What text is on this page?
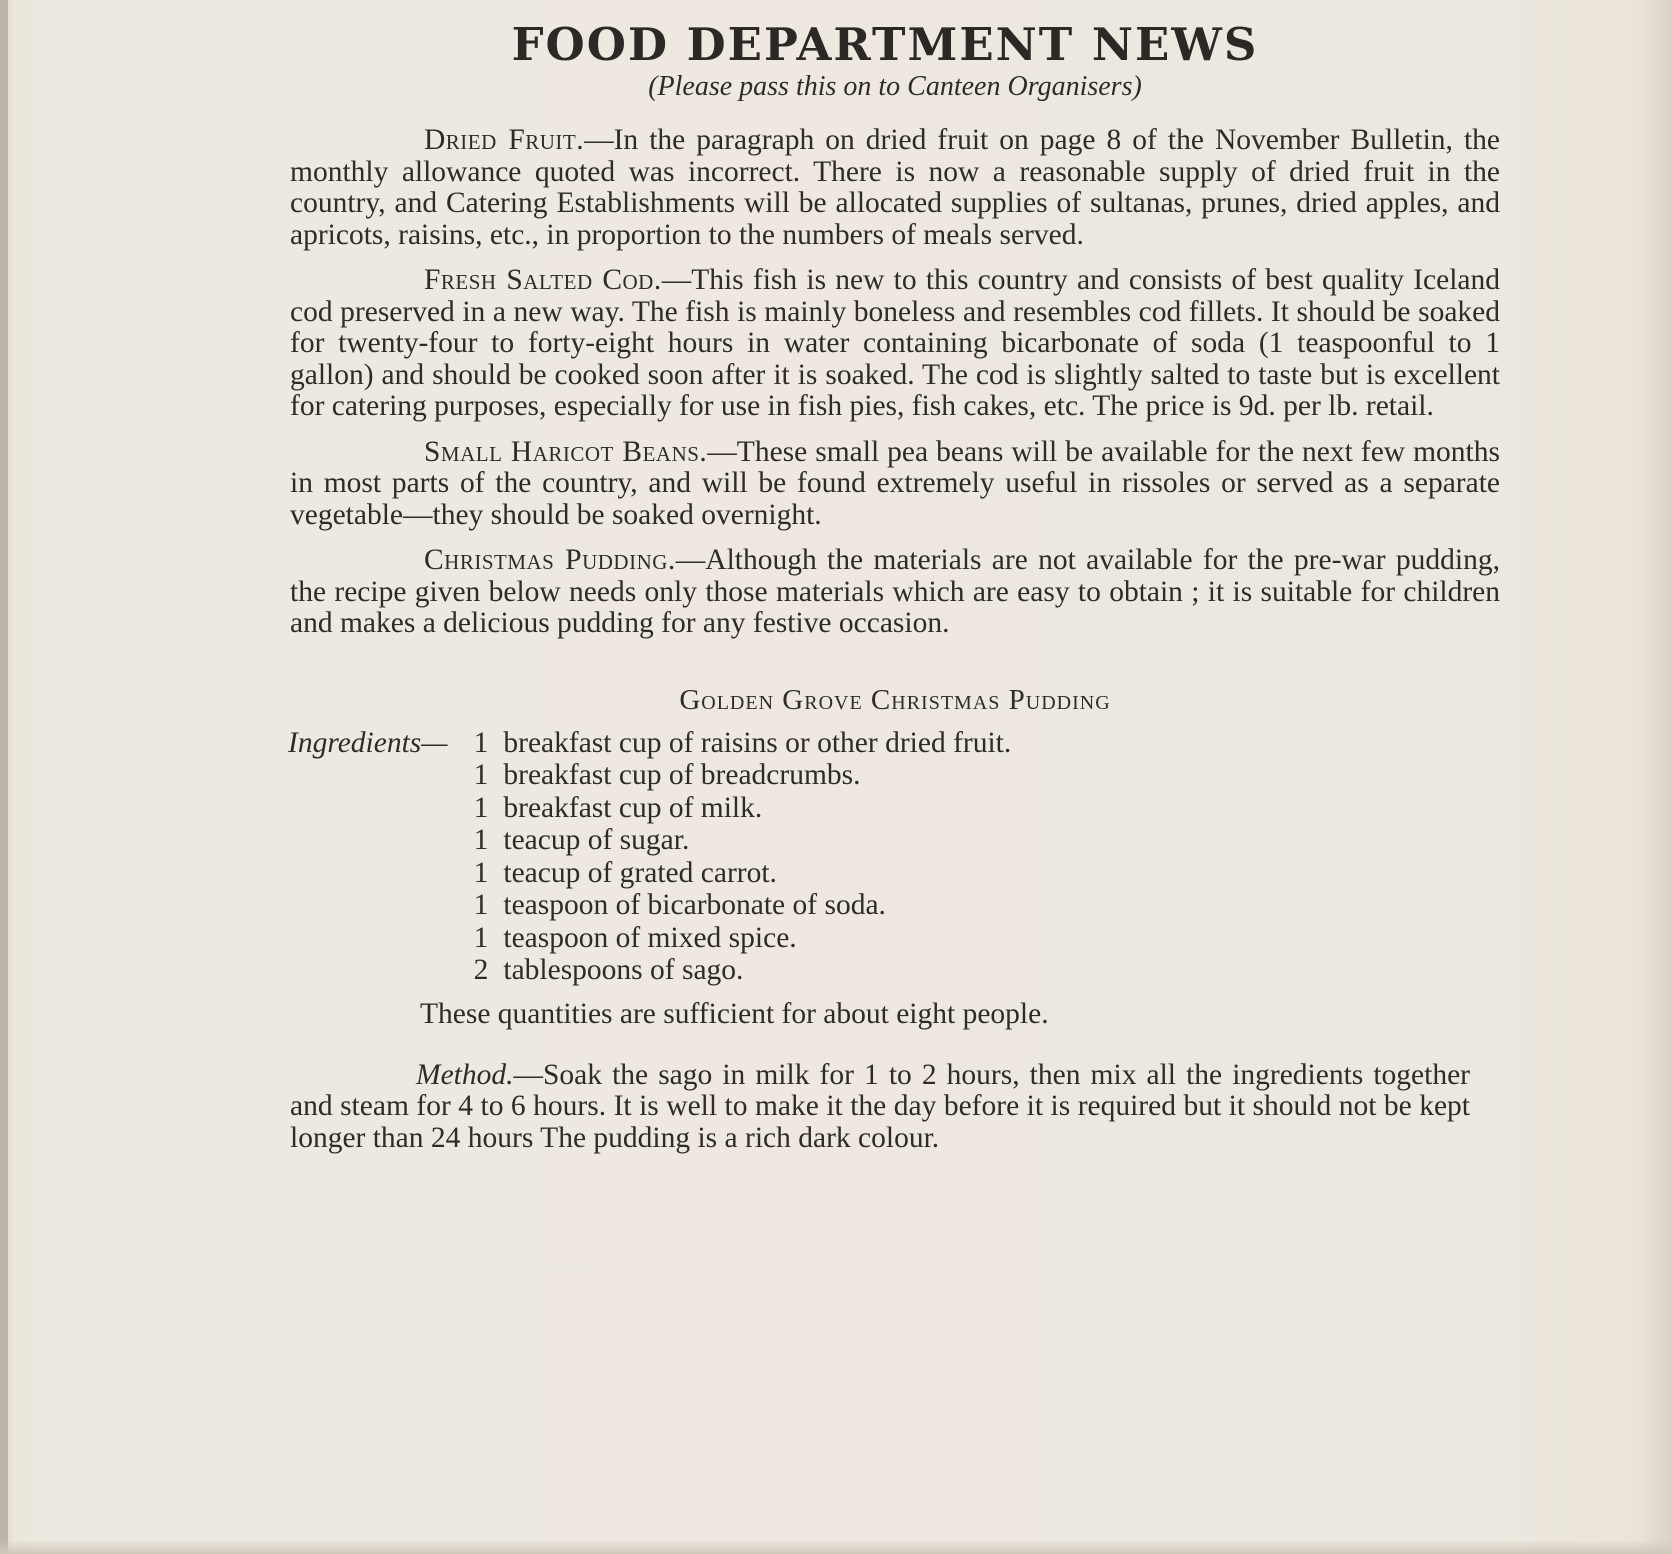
FOOD DEPARTMENT NEWS
(Please pass this on to Canteen Organisers)

Dried Fruit.—In the paragraph on dried fruit on page 8 of the November Bulletin, the monthly allowance quoted was incorrect. There is now a reasonable supply of dried fruit in the country, and Catering Establishments will be allocated supplies of sultanas, prunes, dried apples, and apricots, raisins, etc., in proportion to the numbers of meals served.

Fresh Salted Cod.—This fish is new to this country and consists of best quality Iceland cod preserved in a new way. The fish is mainly boneless and resembles cod fillets. It should be soaked for twenty-four to forty-eight hours in water containing bicarbonate of soda (1 teaspoonful to 1 gallon) and should be cooked soon after it is soaked. The cod is slightly salted to taste but is excellent for catering purposes, especially for use in fish pies, fish cakes, etc. The price is 9d. per lb. retail.

Small Haricot Beans.—These small pea beans will be available for the next few months in most parts of the country, and will be found extremely useful in rissoles or served as a separate vegetable—they should be soaked overnight.

Christmas Pudding.—Although the materials are not available for the pre-war pudding, the recipe given below needs only those materials which are easy to obtain ; it is suitable for children and makes a delicious pudding for any festive occasion.

Golden Grove Christmas Pudding
Ingredients— 1 breakfast cup of raisins or other dried fruit.
1 breakfast cup of breadcrumbs.
1 breakfast cup of milk.
1 teacup of sugar.
1 teacup of grated carrot.
1 teaspoon of bicarbonate of soda.
1 teaspoon of mixed spice.
2 tablespoons of sago.

These quantities are sufficient for about eight people.

Method.—Soak the sago in milk for 1 to 2 hours, then mix all the ingredients together and steam for 4 to 6 hours. It is well to make it the day before it is required but it should not be kept longer than 24 hours The pudding is a rich dark colour.
